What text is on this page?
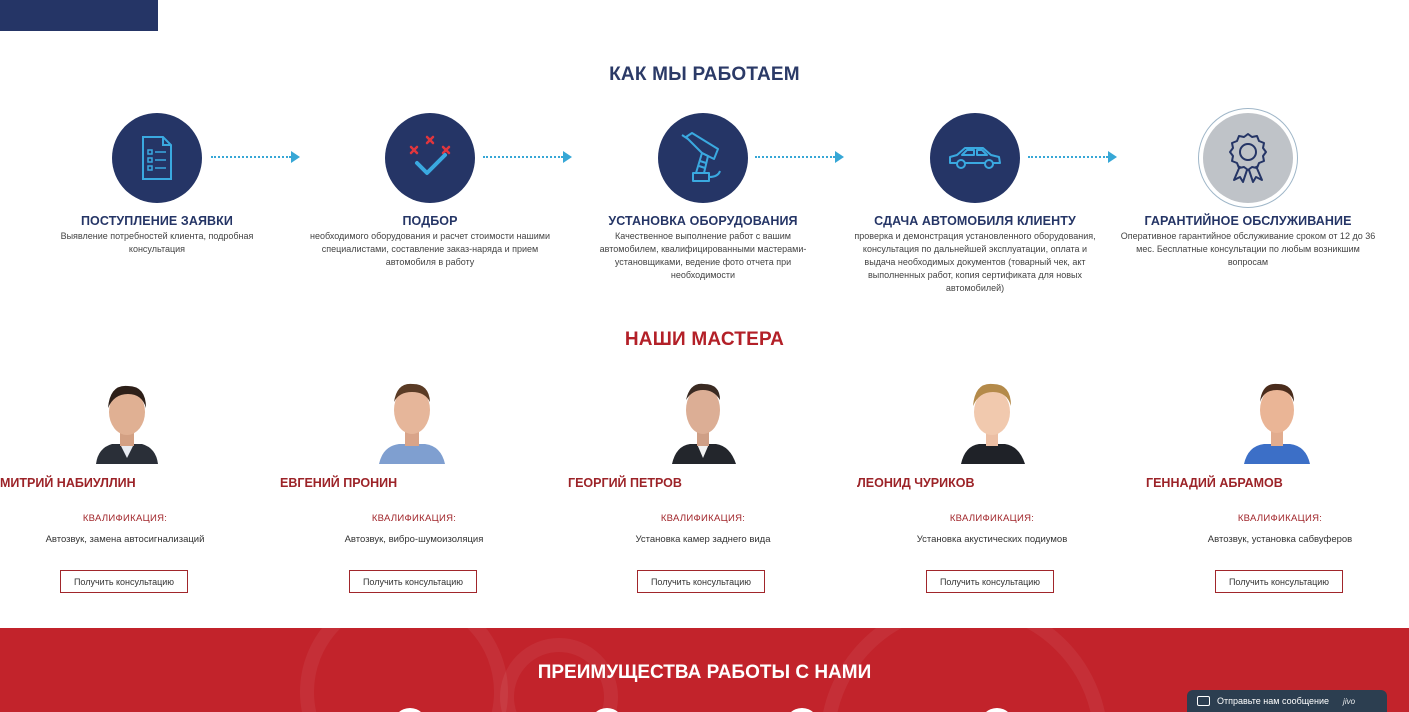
КАК МЫ РАБОТАЕМ
ПОСТУПЛЕНИЕ ЗАЯВКИ
Выявление потребностей клиента, подробная консультация
ПОДБОР
необходимого оборудования и расчет стоимости нашими специалистами, составление заказ-наряда и прием автомобиля в работу
УСТАНОВКА ОБОРУДОВАНИЯ
Качественное выполнение работ с вашим автомобилем, квалифицированными мастерами-установщиками, ведение фото отчета при необходимости
СДАЧА АВТОМОБИЛЯ КЛИЕНТУ
проверка и демонстрация установленного оборудования, консультация по дальнейшей эксплуатации, оплата и выдача необходимых документов (товарный чек, акт выполненных работ, копия сертификата для новых автомобилей)
ГАРАНТИЙНОЕ ОБСЛУЖИВАНИЕ
Оперативное гарантийное обслуживание сроком от 12 до 36 мес. Бесплатные консультации по любым возникшим вопросам
НАШИ МАСТЕРА
МИТРИЙ НАБИУЛЛИН
КВАЛИФИКАЦИЯ:
Автозвук, замена автосигнализаций
Получить консультацию
ЕВГЕНИЙ ПРОНИН
КВАЛИФИКАЦИЯ:
Автозвук, вибро-шумоизоляция
Получить консультацию
ГЕОРГИЙ ПЕТРОВ
КВАЛИФИКАЦИЯ:
Установка камер заднего вида
Получить консультацию
ЛЕОНИД ЧУРИКОВ
КВАЛИФИКАЦИЯ:
Установка акустических подиумов
Получить консультацию
ГЕННАДИЙ АБРАМОВ
КВАЛИФИКАЦИЯ:
Автозвук, установка сабвуферов
Получить консультацию
ПРЕИМУЩЕСТВА РАБОТЫ С НАМИ
Отправьте нам сообщение jivo
